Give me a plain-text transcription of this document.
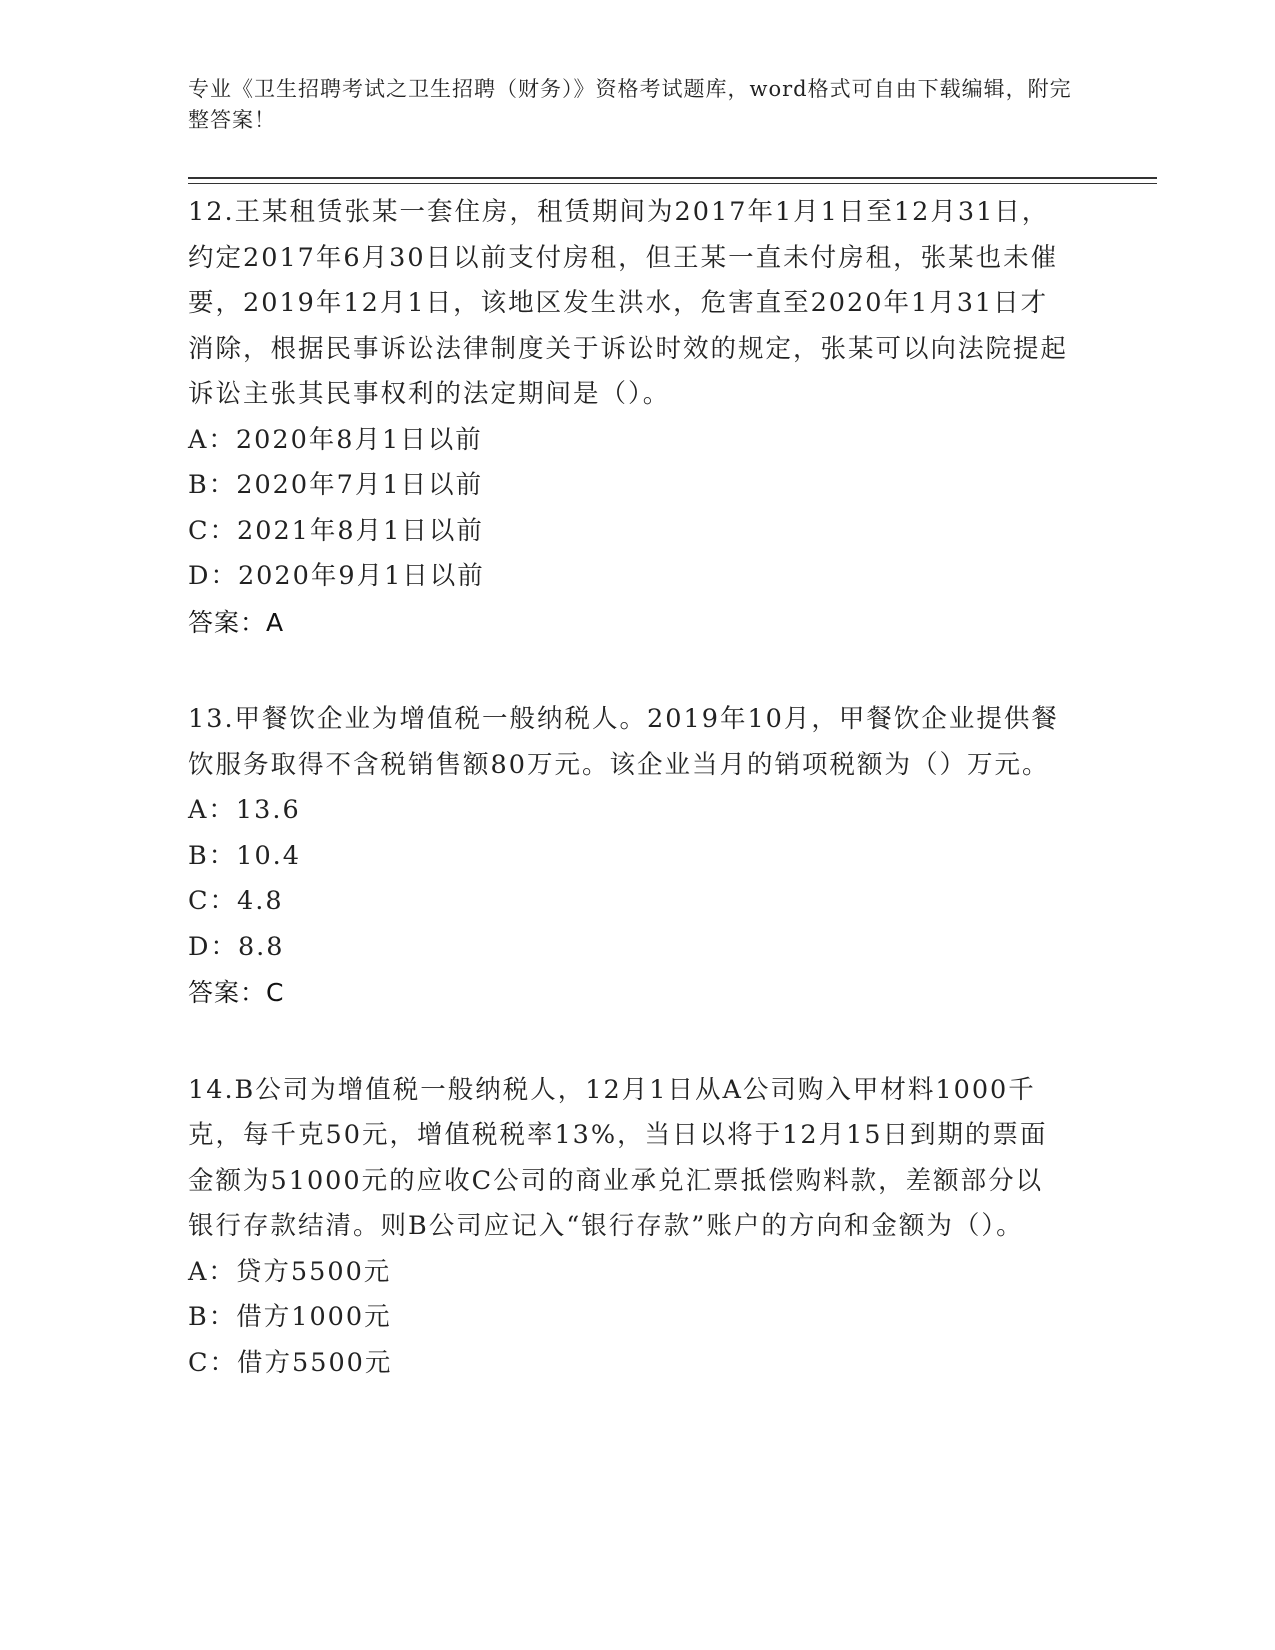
专业《卫生招聘考试之卫生招聘（财务）》资格考试题库，word格式可自由下载编辑，附完整答案！
12.王某租赁张某一套住房，租赁期间为2017年1月1日至12月31日，约定2017年6月30日以前支付房租，但王某一直未付房租，张某也未催要，2019年12月1日，该地区发生洪水，危害直至2020年1月31日才消除，根据民事诉讼法律制度关于诉讼时效的规定，张某可以向法院提起诉讼主张其民事权利的法定期间是（）。
A：2020年8月1日以前
B：2020年7月1日以前
C：2021年8月1日以前
D：2020年9月1日以前
答案：A
13.甲餐饮企业为增值税一般纳税人。2019年10月，甲餐饮企业提供餐饮服务取得不含税销售额80万元。该企业当月的销项税额为（）万元。
A：13.6
B：10.4
C：4.8
D：8.8
答案：C
14.B公司为增值税一般纳税人，12月1日从A公司购入甲材料1000千克，每千克50元，增值税税率13%，当日以将于12月15日到期的票面金额为51000元的应收C公司的商业承兑汇票抵偿购料款，差额部分以银行存款结清。则B公司应记入“银行存款”账户的方向和金额为（）。
A：贷方5500元
B：借方1000元
C：借方5500元
